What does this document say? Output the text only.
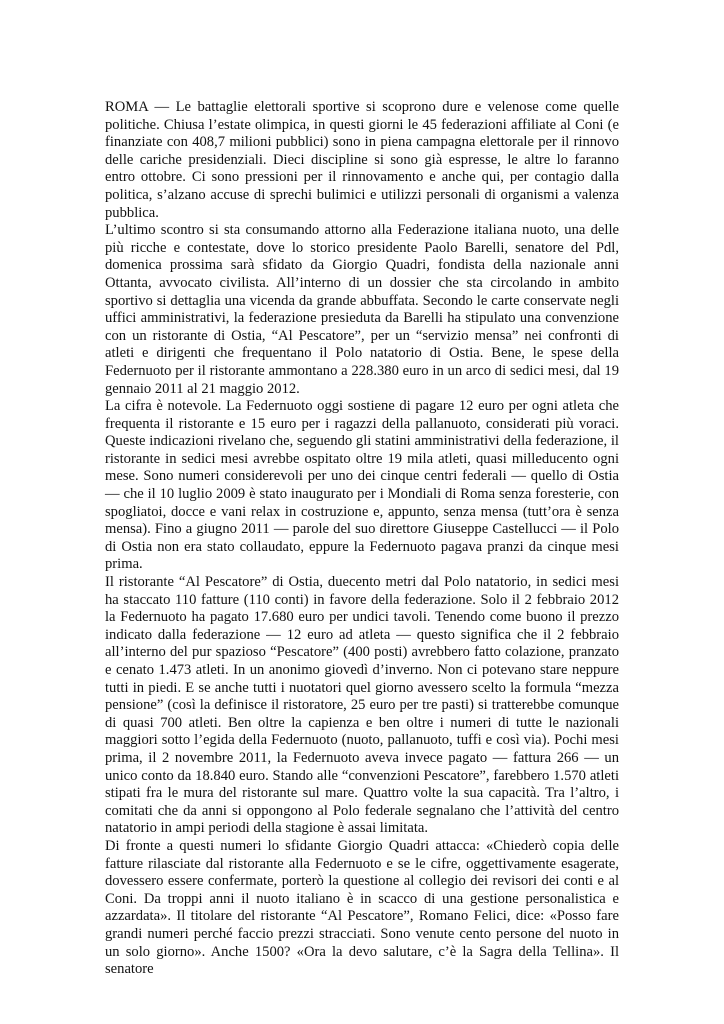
ROMA — Le battaglie elettorali sportive si scoprono dure e velenose come quelle politiche. Chiusa l’estate olimpica, in questi giorni le 45 federazioni affiliate al Coni (e finanziate con 408,7 milioni pubblici) sono in piena campagna elettorale per il rinnovo delle cariche presidenziali. Dieci discipline si sono già espresse, le altre lo faranno entro ottobre. Ci sono pressioni per il rinnovamento e anche qui, per contagio dalla politica, s’alzano accuse di sprechi bulimici e utilizzi personali di organismi a valenza pubblica.

L’ultimo scontro si sta consumando attorno alla Federazione italiana nuoto, una delle più ricche e contestate, dove lo storico presidente Paolo Barelli, senatore del Pdl, domenica prossima sarà sfidato da Giorgio Quadri, fondista della nazionale anni Ottanta, avvocato civilista. All’interno di un dossier che sta circolando in ambito sportivo si dettaglia una vicenda da grande abbuffata. Secondo le carte conservate negli uffici amministrativi, la federazione presieduta da Barelli ha stipulato una convenzione con un ristorante di Ostia, “Al Pescatore”, per un “servizio mensa” nei confronti di atleti e dirigenti che frequentano il Polo natatorio di Ostia. Bene, le spese della Federnuoto per il ristorante ammontano a 228.380 euro in un arco di sedici mesi, dal 19 gennaio 2011 al 21 maggio 2012.

La cifra è notevole. La Federnuoto oggi sostiene di pagare 12 euro per ogni atleta che frequenta il ristorante e 15 euro per i ragazzi della pallanuoto, considerati più voraci. Queste indicazioni rivelano che, seguendo gli statini amministrativi della federazione, il ristorante in sedici mesi avrebbe ospitato oltre 19 mila atleti, quasi milleducento ogni mese. Sono numeri considerevoli per uno dei cinque centri federali — quello di Ostia — che il 10 luglio 2009 è stato inaugurato per i Mondiali di Roma senza foresterie, con spogliatoi, docce e vani relax in costruzione e, appunto, senza mensa (tutt’ora è senza mensa). Fino a giugno 2011 — parole del suo direttore Giuseppe Castellucci — il Polo di Ostia non era stato collaudato, eppure la Federnuoto pagava pranzi da cinque mesi prima.

Il ristorante “Al Pescatore” di Ostia, duecento metri dal Polo natatorio, in sedici mesi ha staccato 110 fatture (110 conti) in favore della federazione. Solo il 2 febbraio 2012 la Federnuoto ha pagato 17.680 euro per undici tavoli. Tenendo come buono il prezzo indicato dalla federazione — 12 euro ad atleta — questo significa che il 2 febbraio all’interno del pur spazioso “Pescatore” (400 posti) avrebbero fatto colazione, pranzato e cenato 1.473 atleti. In un anonimo giovedì d’inverno. Non ci potevano stare neppure tutti in piedi. E se anche tutti i nuotatori quel giorno avessero scelto la formula “mezza pensione” (così la definisce il ristoratore, 25 euro per tre pasti) si tratterebbe comunque di quasi 700 atleti. Ben oltre la capienza e ben oltre i numeri di tutte le nazionali maggiori sotto l’egida della Federnuoto (nuoto, pallanuoto, tuffi e così via). Pochi mesi prima, il 2 novembre 2011, la Federnuoto aveva invece pagato — fattura 266 — un unico conto da 18.840 euro. Stando alle “convenzioni Pescatore”, farebbero 1.570 atleti stipati fra le mura del ristorante sul mare. Quattro volte la sua capacità. Tra l’altro, i comitati che da anni si oppongono al Polo federale segnalano che l’attività del centro natatorio in ampi periodi della stagione è assai limitata.

Di fronte a questi numeri lo sfidante Giorgio Quadri attacca: «Chiederò copia delle fatture rilasciate dal ristorante alla Federnuoto e se le cifre, oggettivamente esagerate, dovessero essere confermate, porterò la questione al collegio dei revisori dei conti e al Coni. Da troppi anni il nuoto italiano è in scacco di una gestione personalistica e azzardata». Il titolare del ristorante “Al Pescatore”, Romano Felici, dice: «Posso fare grandi numeri perché faccio prezzi stracciati. Sono venute cento persone del nuoto in un solo giorno». Anche 1500? «Ora la devo salutare, c’è la Sagra della Tellina». Il senatore
